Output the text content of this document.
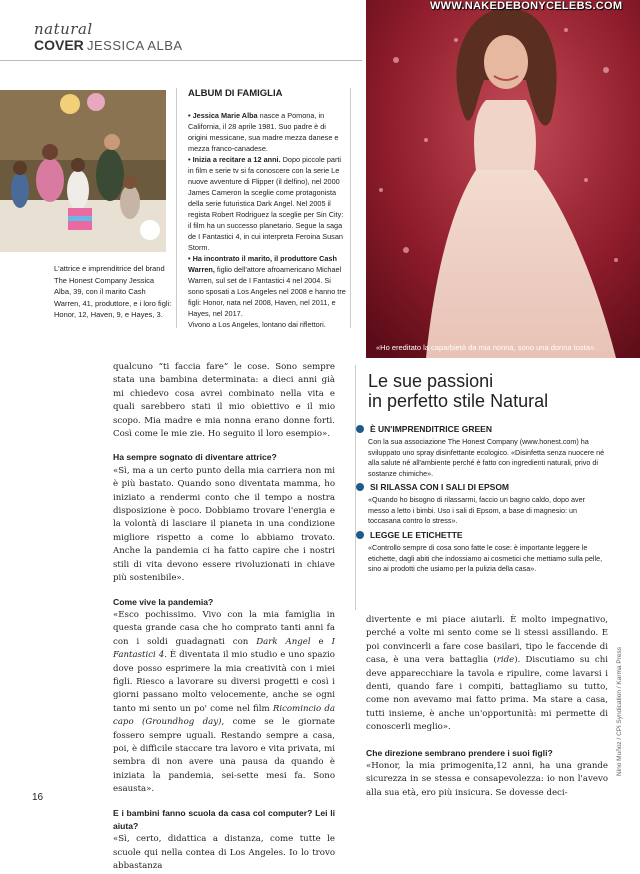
natural
COVER JESSICA ALBA
L'attrice e imprenditrice del brand The Honest Company Jessica Alba, 39, con il marito Cash Warren, 41, produttore, e i loro figli: Honor, 12, Haven, 9, e Hayes, 3.
ALBUM DI FAMIGLIA

• Jessica Marie Alba nasce a Pomona, in California, il 28 aprile 1981. Suo padre è di origini messicane, sua madre mezza danese e mezza franco-canadese.

• Inizia a recitare a 12 anni. Dopo piccole parti in film e serie tv si fa conoscere con la serie Le nuove avventure di Flipper (il delfino), nel 2000 James Cameron la sceglie come protagonista della serie futuristica Dark Angel. Nel 2005 il regista Robert Rodriguez la sceglie per Sin City: il film ha un successo planetario. Segue la saga de I Fantastici 4, in cui interpreta Feroina Susan Storm.

• Ha incontrato il marito, il produttore Cash Warren, figlio dell'attore afroamericano Michael Warren, sul set de I Fantastici 4 nel 2004. Si sono sposati a Los Angeles nel 2008 e hanno tre figli: Honor, nata nel 2008, Haven, nel 2011, e Hayes, nel 2017.

Vivono a Los Angeles, lontano dai riflettori.

WWW.NAKEDEBONYCELEBS.COM
«Ho ereditato la caparbietà da mia nonna, sono una donna tosta».

qualcuno “ti faccia fare” le cose. Sono sempre stata una bambina determinata: a dieci anni già mi chiedevo cosa avrei combinato nella vita e quali sarebbero stati il mio obiettivo e il mio scopo. Mia madre e mia nonna erano donne forti. Così come le mie zie. Ho seguito il loro esempio».

Ha sempre sognato di diventare attrice?

«Sì, ma a un certo punto della mia carriera non mi è più bastato. Quando sono diventata mamma, ho iniziato a rendermi conto che il tempo a nostra disposizione è poco. Dobbiamo trovare l'energia e la volontà di lasciare il pianeta in una condizione migliore rispetto a come lo abbiamo trovato. Anche la pandemia ci ha fatto capire che i nostri stili di vita devono essere rivoluzionati in chiave più sostenibile».

Come vive la pandemia?

«Esco pochissimo. Vivo con la mia famiglia in questa grande casa che ho comprato tanti anni fa con i soldi guadagnati con Dark Angel e I Fantastici 4. È diventata il mio studio e uno spazio dove posso esprimere la mia creatività con i miei figli. Riesco a lavorare su diversi progetti e così i giorni passano molto velocemente, anche se ogni tanto mi sento un po' come nel film Ricomincio da capo (Groundhog day), come se le giornate fossero sempre uguali. Restando sempre a casa, poi, è difficile staccare tra lavoro e vita privata, mi sembra di non avere una pausa da quando è iniziata la pandemia, sei-sette mesi fa. Sono esausta».

E i bambini fanno scuola da casa col computer? Lei li aiuta?

«Sì, certo, didattica a distanza, come tutte le scuole qui nella contea di Los Angeles. Io lo trovo abbastanza

Le sue passioni
in perfetto stile Natural
È UN'IMPRENDITRICE GREEN
Con la sua associazione The Honest Company (www.honest.com) ha sviluppato uno spray disinfettante ecologico. «Disinfetta senza nuocere né alla salute né all'ambiente perché è fatto con ingredienti naturali, privo di sostanze chimiche».
SI RILASSA CON I SALI DI EPSOM
«Quando ho bisogno di rilassarmi, faccio un bagno caldo, dopo aver messo a letto i bimbi. Uso i sali di Epsom, a base di magnesio: un toccasana contro lo stress».
LEGGE LE ETICHETTE
«Controllo sempre di cosa sono fatte le cose: è importante leggere le etichette, dagli abiti che indossiamo ai cosmetici che mettiamo sulla pelle, sino ai prodotti che usiamo per la pulizia della casa».

divertente e mi piace aiutarli. È molto impegnativo, perché a volte mi sento come se li stessi assillando. E poi convincerli a fare cose basilari, tipo le faccende di casa, è una vera battaglia (ride). Discutiamo su chi deve apparecchiare la tavola e ripulire, come lavarsi i denti, quando fare i compiti, battagliamo su tutto, come non avevamo mai fatto prima. Ma stare a casa, tutti insieme, è anche un'opportunità: mi permette di conoscerli meglio».

Che direzione sembrano prendere i suoi figli?

«Honor, la mia primogenita,12 anni, ha una grande sicurezza in se stessa e consapevolezza: io non l'avevo alla sua età, ero più insicura. Se dovesse deci-

Nino Muñoz / CPi Syndication / Karma Press
16
